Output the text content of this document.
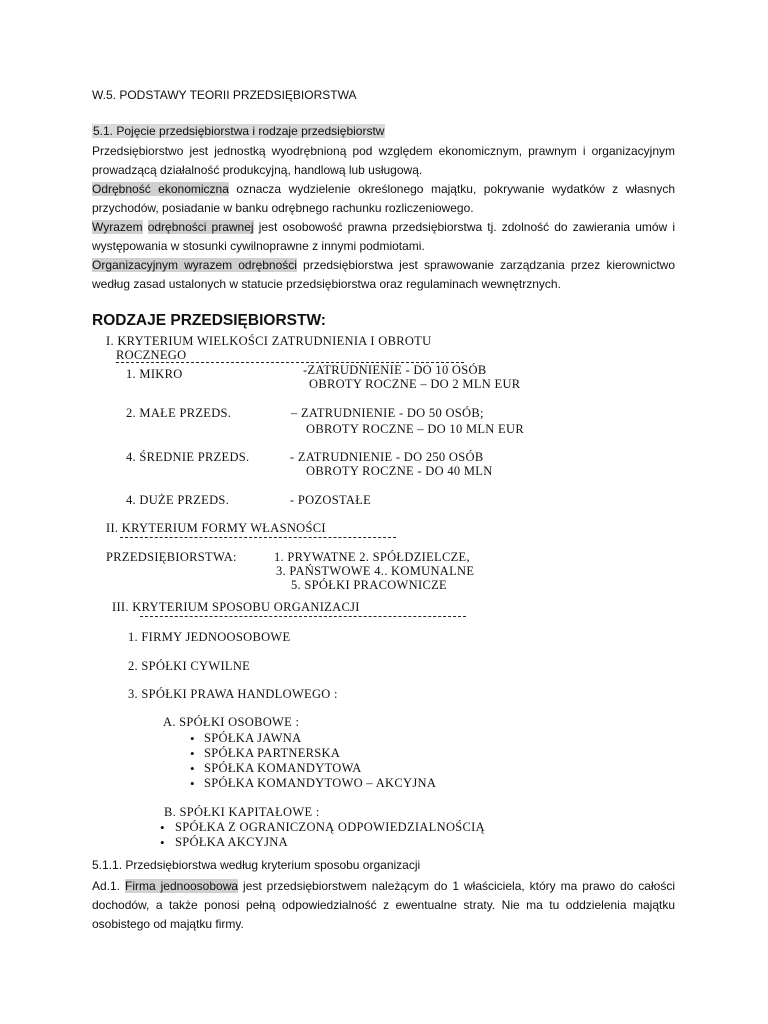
W.5. PODSTAWY TEORII PRZEDSIĘBIORSTWA
5.1. Pojęcie przedsiębiorstwa i rodzaje przedsiębiorstw
Przedsiębiorstwo jest jednostką wyodrębnioną pod względem ekonomicznym, prawnym i organizacyjnym prowadzącą działalność produkcyjną, handlową lub usługową.
Odrębność ekonomiczna oznacza wydzielenie określonego majątku, pokrywanie wydatków z własnych przychodów, posiadanie w banku odrębnego rachunku rozliczeniowego.
Wyrazem odrębności prawnej jest osobowość prawna przedsiębiorstwa tj. zdolność do zawierania umów i występowania w stosunki cywilnoprawne z innymi podmiotami.
Organizacyjnym wyrazem odrębności przedsiębiorstwa jest sprawowanie zarządzania przez kierownictwo według zasad ustalonych w statucie przedsiębiorstwa oraz regulaminach wewnętrznych.
RODZAJE PRZEDSIĘBIORSTW:
I. KRYTERIUM WIELKOŚCI ZATRUDNIENIA I OBROTU
ROCZNEGO
1. MIKRO	-ZATRUDNIENIE - DO 10 OSÓB
OBROTY ROCZNE – DO 2 MLN EUR
2. MAŁE PRZEDS.	– ZATRUDNIENIE - DO 50 OSÓB;
OBROTY ROCZNE – DO 10 MLN EUR
4. ŚREDNIE PRZEDS.	- ZATRUDNIENIE - DO 250 OSÓB
OBROTY ROCZNE - DO 40 MLN
4. DUŻE PRZEDS.	- POZOSTAŁE
II. KRYTERIUM FORMY WŁASNOŚCI
PRZEDSIĘBIORSTWA:	1. PRYWATNE 2. SPÓŁDZIELCZE,
3. PAŃSTWOWE 4.. KOMUNALNE
5. SPÓŁKI PRACOWNICZE
III. KRYTERIUM SPOSOBU ORGANIZACJI
1. FIRMY JEDNOOSOBOWE
2. SPÓŁKI CYWILNE
3. SPÓŁKI PRAWA HANDLOWEGO :
A. SPÓŁKI OSOBOWE :
• SPÓŁKA JAWNA
• SPÓŁKA PARTNERSKA
• SPÓŁKA KOMANDYTOWA
• SPÓŁKA KOMANDYTOWO – AKCYJNA
B. SPÓŁKI KAPITAŁOWE :
• SPÓŁKA Z OGRANICZONĄ ODPOWIEDZIALNOŚCIĄ
• SPÓŁKA AKCYJNA
5.1.1. Przedsiębiorstwa według kryterium sposobu organizacji
Ad.1. Firma jednoosobowa jest przedsiębiorstwem należącym do 1 właściciela, który ma prawo do całości dochodów, a także ponosi pełną odpowiedzialność z ewentualne straty. Nie ma tu oddzielenia majątku osobistego od majątku firmy.
